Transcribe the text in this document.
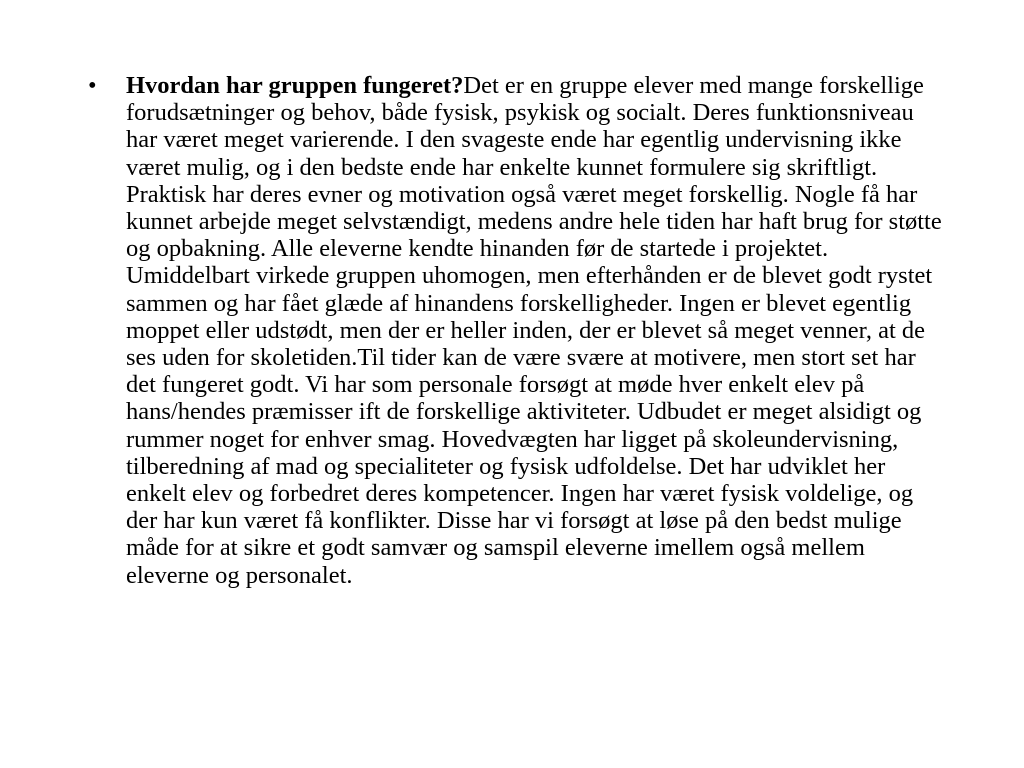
• Hvordan har gruppen fungeret?Det er en gruppe elever med mange forskellige forudsætninger og behov, både fysisk, psykisk og socialt. Deres funktionsniveau har været meget varierende. I den svageste ende har egentlig undervisning ikke været mulig, og i den bedste ende har enkelte kunnet formulere sig skriftligt. Praktisk har deres evner og motivation også været meget forskellig. Nogle få har kunnet arbejde meget selvstændigt, medens andre hele tiden har haft brug for støtte og opbakning. Alle eleverne kendte hinanden før de startede i projektet. Umiddelbart virkede gruppen uhomogen, men efterhånden er de blevet godt rystet sammen og har fået glæde af hinandens forskelligheder. Ingen er blevet egentlig moppet eller udstødt, men der er heller inden, der er blevet så meget venner, at de ses uden for skoletiden.Til tider kan de være svære at motivere, men stort set har det fungeret godt. Vi har som personale forsøgt at møde hver enkelt elev på hans/hendes præmisser ift de forskellige aktiviteter. Udbudet er meget alsidigt og rummer noget for enhver smag. Hovedvægten har ligget på skoleundervisning, tilberedning af mad og specialiteter og fysisk udfoldelse. Det har udviklet her enkelt elev og forbedret deres kompetencer. Ingen har været fysisk voldelige, og der har kun været få konflikter. Disse har vi forsøgt at løse på den bedst mulige måde for at sikre et godt samvær og samspil eleverne imellem også mellem eleverne og personalet.
